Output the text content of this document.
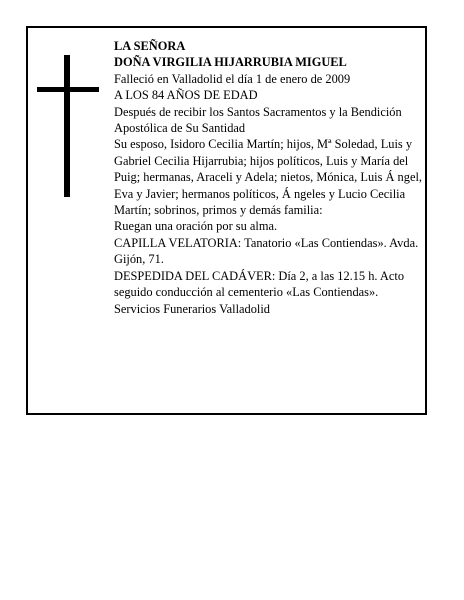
LA SEÑORA

DOÑA VIRGILIA HIJARRUBIA MIGUEL

Falleció en Valladolid el día 1 de enero de 2009

A LOS 84 AÑOS DE EDAD

Después de recibir los Santos Sacramentos y la Bendición Apostólica de Su Santidad

Su esposo, Isidoro Cecilia Martín; hijos, Mª Soledad, Luis y Gabriel Cecilia Hijarrubia; hijos políticos, Luis y María del Puig; hermanas, Araceli y Adela; nietos, Mónica, Luis Á ngel, Eva y Javier; hermanos políticos, Á ngeles y Lucio Cecilia Martín; sobrinos, primos y demás familia:

Ruegan una oración por su alma.

CAPILLA VELATORIA: Tanatorio «Las Contiendas». Avda. Gijón, 71.

DESPEDIDA DEL CADÁVER: Día 2, a las 12.15 h. Acto seguido conducción al cementerio «Las Contiendas».

Servicios Funerarios Valladolid
